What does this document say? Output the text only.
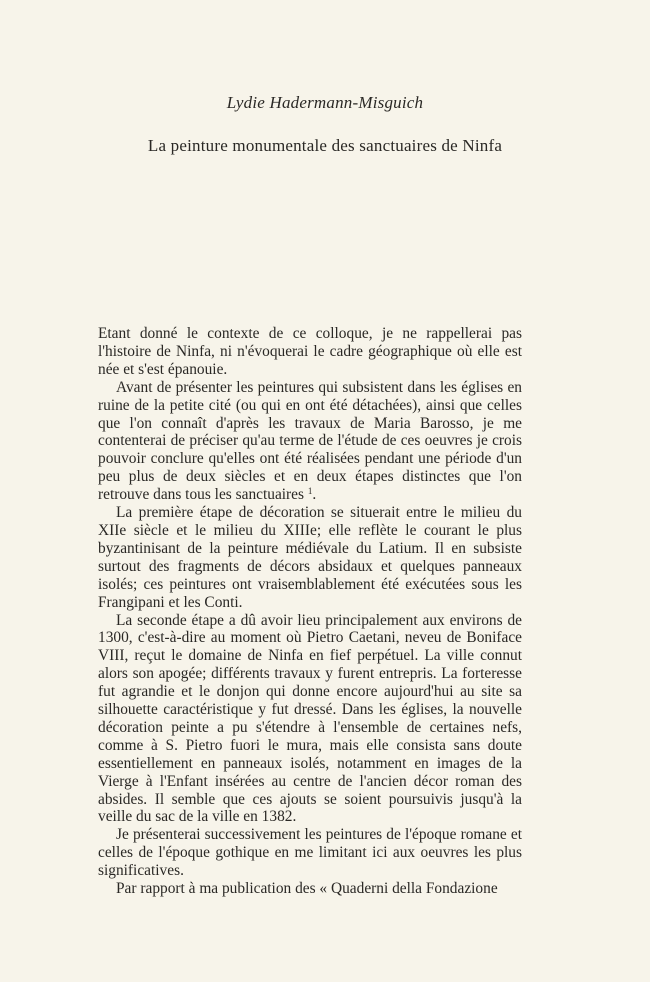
Lydie Hadermann-Misguich
La peinture monumentale des sanctuaires de Ninfa

Etant donné le contexte de ce colloque, je ne rappellerai pas l'histoire de Ninfa, ni n'évoquerai le cadre géographique où elle est née et s'est épanouie.

Avant de présenter les peintures qui subsistent dans les églises en ruine de la petite cité (ou qui en ont été détachées), ainsi que celles que l'on connaît d'après les travaux de Maria Barosso, je me contenterai de préciser qu'au terme de l'étude de ces oeuvres je crois pouvoir conclure qu'elles ont été réalisées pendant une période d'un peu plus de deux siècles et en deux étapes distinctes que l'on retrouve dans tous les sanctuaires $^1$.

La première étape de décoration se situerait entre le milieu du XIIe siècle et le milieu du XIIIe; elle reflète le courant le plus byzantinisant de la peinture médiévale du Latium. Il en subsiste surtout des fragments de décors absidaux et quelques panneaux isolés; ces peintures ont vraisemblablement été exécutées sous les Frangipani et les Conti.

La seconde étape a dû avoir lieu principalement aux environs de 1300, c'est-à-dire au moment où Pietro Caetani, neveu de Boniface VIII, reçut le domaine de Ninfa en fief perpétuel. La ville connut alors son apogée; différents travaux y furent entrepris. La forteresse fut agrandie et le donjon qui donne encore aujourd'hui au site sa silhouette caractéristique y fut dressé. Dans les églises, la nouvelle décoration peinte a pu s'étendre à l'ensemble de certaines nefs, comme à S. Pietro fuori le mura, mais elle consista sans doute essentiellement en panneaux isolés, notamment en images de la Vierge à l'Enfant insérées au centre de l'ancien décor roman des absides. Il semble que ces ajouts se soient poursuivis jusqu'à la veille du sac de la ville en 1382.

Je présenterai successivement les peintures de l'époque romane et celles de l'époque gothique en me limitant ici aux oeuvres les plus significatives.

Par rapport à ma publication des « Quaderni della Fondazione
